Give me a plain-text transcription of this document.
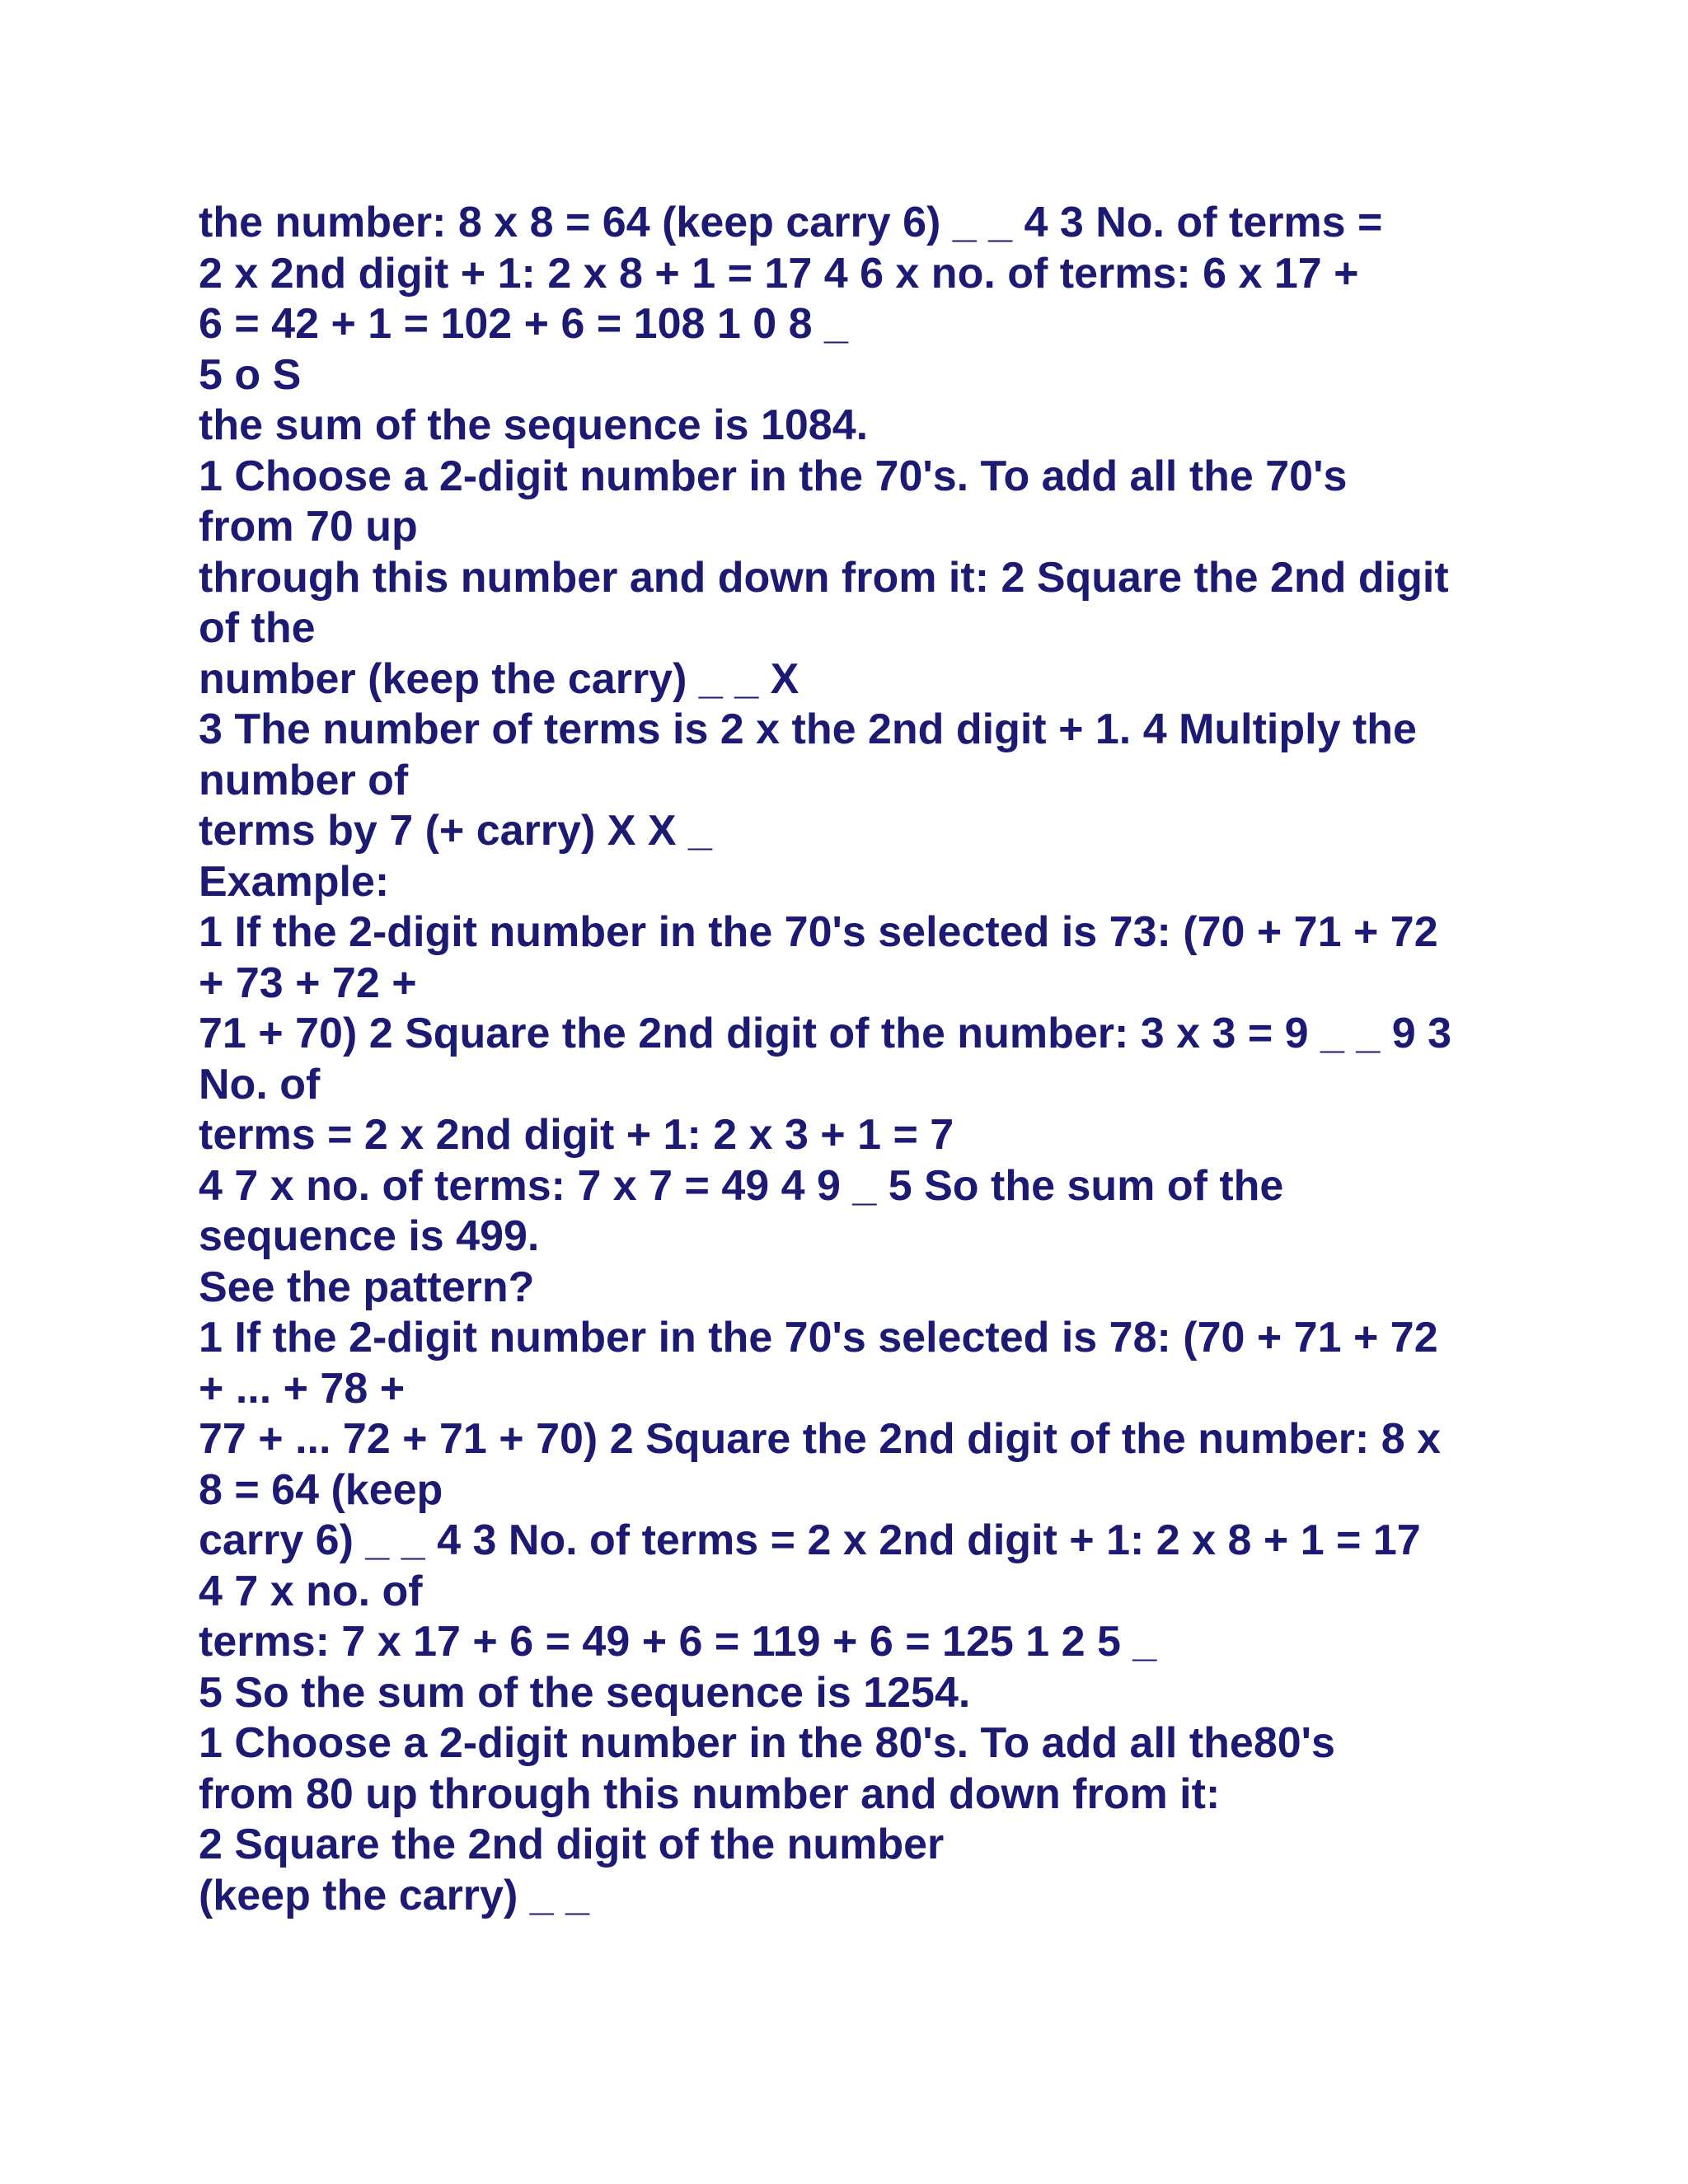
the number: 8 x 8 = 64 (keep carry 6) _ _ 4 3 No. of terms =
2 x 2nd digit + 1: 2 x 8 + 1 = 17 4 6 x no. of terms: 6 x 17 +
6 = 42 + 1 = 102 + 6 = 108 1 0 8 _
5 o S
the sum of the sequence is 1084.
1 Choose a 2-digit number in the 70's. To add all the 70's
from 70 up
through this number and down from it: 2 Square the 2nd digit
of the
number (keep the carry) _ _ X
3 The number of terms is 2 x the 2nd digit + 1. 4 Multiply the
number of
terms by 7 (+ carry) X X _
Example:
1 If the 2-digit number in the 70's selected is 73: (70 + 71 + 72
+ 73 + 72 +
71 + 70) 2 Square the 2nd digit of the number: 3 x 3 = 9 _ _ 9 3
No. of
terms = 2 x 2nd digit + 1: 2 x 3 + 1 = 7
4 7 x no. of terms: 7 x 7 = 49 4 9 _ 5 So the sum of the
sequence is 499.
See the pattern?
1 If the 2-digit number in the 70's selected is 78: (70 + 71 + 72
+ ... + 78 +
77 + ... 72 + 71 + 70) 2 Square the 2nd digit of the number: 8 x
8 = 64 (keep
carry 6) _ _ 4 3 No. of terms = 2 x 2nd digit + 1: 2 x 8 + 1 = 17
4 7 x no. of
terms: 7 x 17 + 6 = 49 + 6 = 119 + 6 = 125 1 2 5 _
5 So the sum of the sequence is 1254.
1 Choose a 2-digit number in the 80's. To add all the80's
from 80 up through this number and down from it:
2 Square the 2nd digit of the number
(keep the carry) _ _
